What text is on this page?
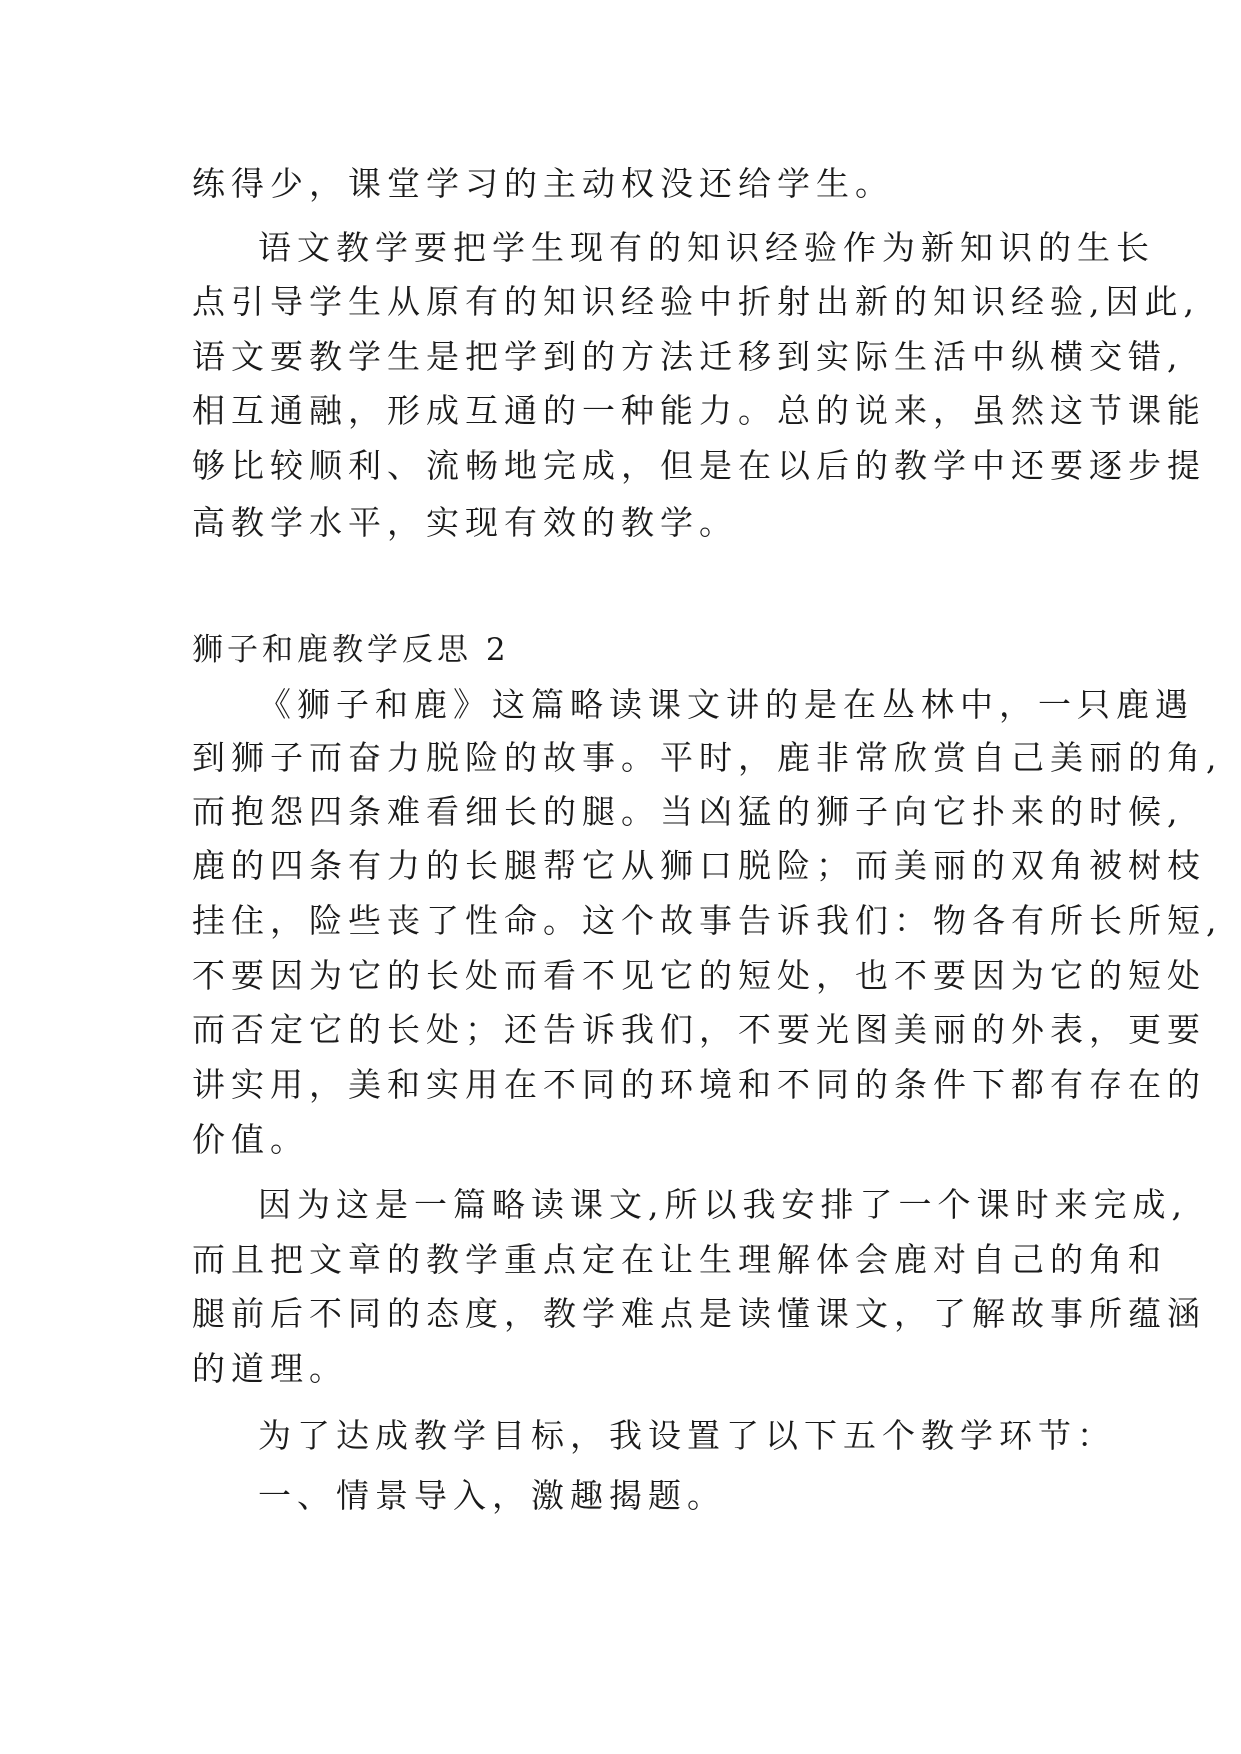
练得少，课堂学习的主动权没还给学生。
语文教学要把学生现有的知识经验作为新知识的生长
点引导学生从原有的知识经验中折射出新的知识经验,因此,
语文要教学生是把学到的方法迁移到实际生活中纵横交错,
相互通融，形成互通的一种能力。总的说来，虽然这节课能
够比较顺利、流畅地完成，但是在以后的教学中还要逐步提
高教学水平，实现有效的教学。
狮子和鹿教学反思 2
《狮子和鹿》这篇略读课文讲的是在丛林中，一只鹿遇
到狮子而奋力脱险的故事。平时，鹿非常欣赏自己美丽的角,
而抱怨四条难看细长的腿。当凶猛的狮子向它扑来的时候,
鹿的四条有力的长腿帮它从狮口脱险；而美丽的双角被树枝
挂住，险些丧了性命。这个故事告诉我们：物各有所长所短,
不要因为它的长处而看不见它的短处，也不要因为它的短处
而否定它的长处；还告诉我们，不要光图美丽的外表，更要
讲实用，美和实用在不同的环境和不同的条件下都有存在的
价值。
因为这是一篇略读课文,所以我安排了一个课时来完成,
而且把文章的教学重点定在让生理解体会鹿对自己的角和
腿前后不同的态度，教学难点是读懂课文，了解故事所蕴涵
的道理。
为了达成教学目标，我设置了以下五个教学环节：
一、情景导入，激趣揭题。
